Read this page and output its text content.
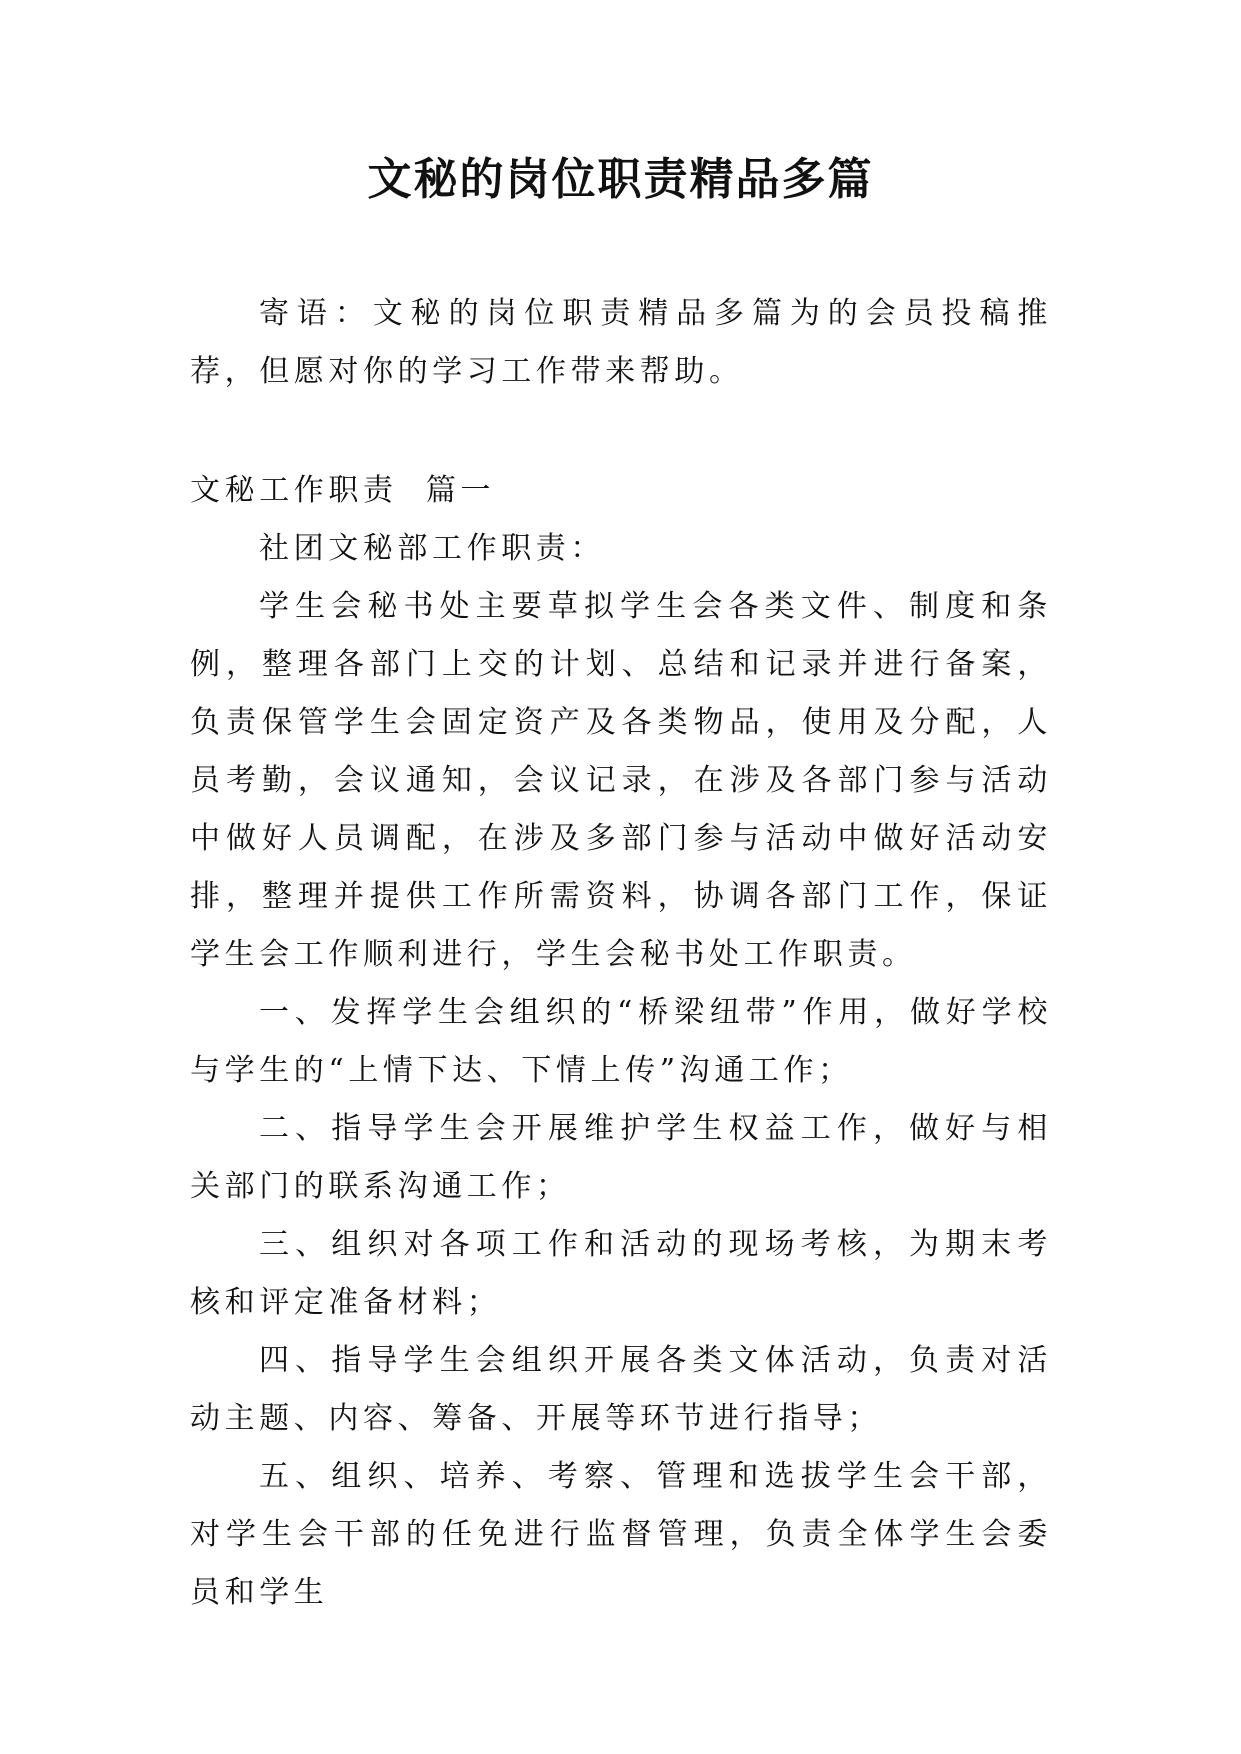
文秘的岗位职责精品多篇

寄语：文秘的岗位职责精品多篇为的会员投稿推荐，但愿对你的学习工作带来帮助。

文秘工作职责  篇一

社团文秘部工作职责：

学生会秘书处主要草拟学生会各类文件、制度和条例，整理各部门上交的计划、总结和记录并进行备案，负责保管学生会固定资产及各类物品，使用及分配，人员考勤，会议通知，会议记录，在涉及各部门参与活动中做好人员调配，在涉及多部门参与活动中做好活动安排，整理并提供工作所需资料，协调各部门工作，保证学生会工作顺利进行，学生会秘书处工作职责。

一、发挥学生会组织的“桥梁纽带”作用，做好学校与学生的“上情下达、下情上传”沟通工作；

二、指导学生会开展维护学生权益工作，做好与相关部门的联系沟通工作；

三、组织对各项工作和活动的现场考核，为期末考核和评定准备材料；

四、指导学生会组织开展各类文体活动，负责对活动主题、内容、筹备、开展等环节进行指导；

五、组织、培养、考察、管理和选拔学生会干部，对学生会干部的任免进行监督管理，负责全体学生会委员和学生
